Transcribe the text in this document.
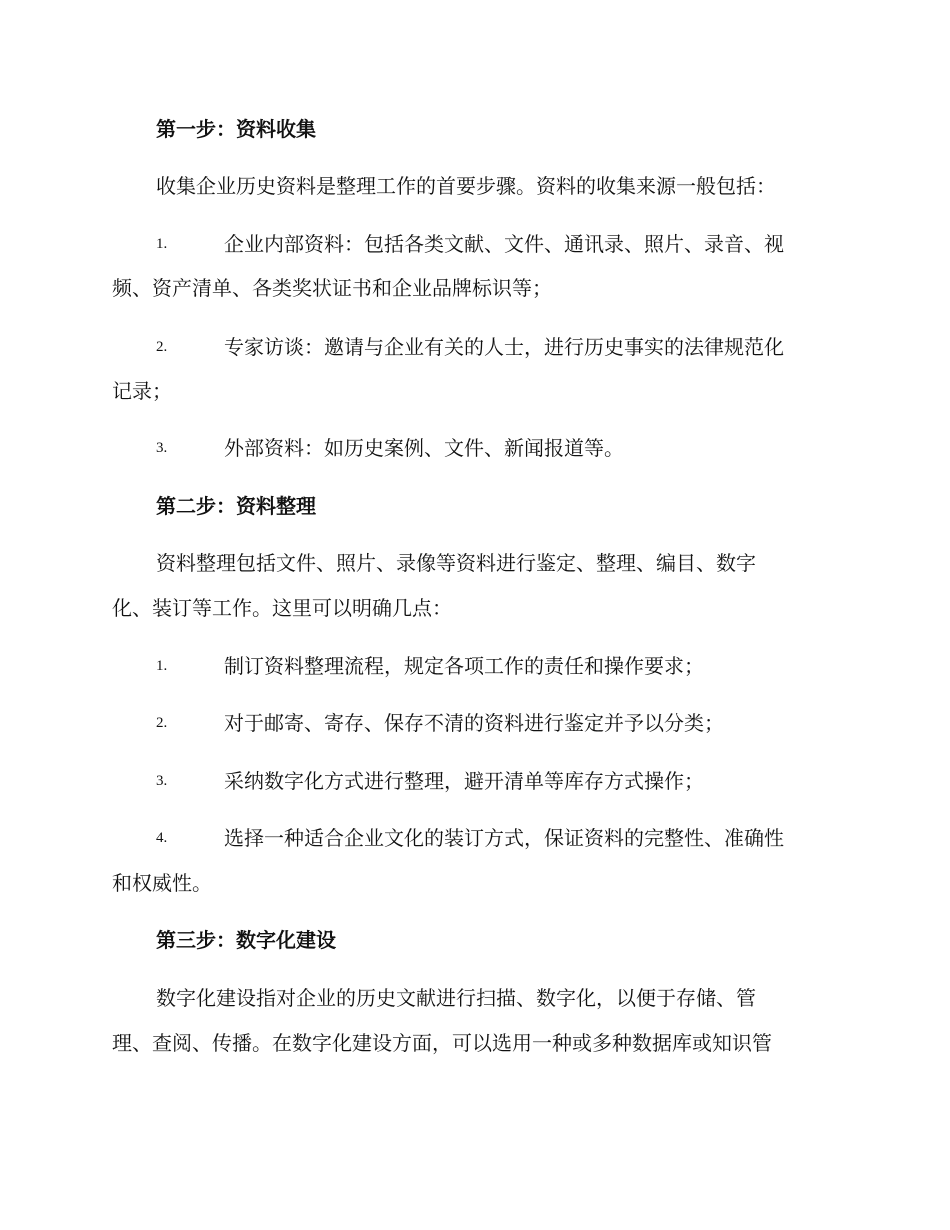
第一步：资料收集
收集企业历史资料是整理工作的首要步骤。资料的收集来源一般包括：
1.	企业内部资料：包括各类文献、文件、通讯录、照片、录音、视
频、资产清单、各类奖状证书和企业品牌标识等；
2.	专家访谈：邀请与企业有关的人士，进行历史事实的法律规范化
记录；
3.	外部资料：如历史案例、文件、新闻报道等。
第二步：资料整理
资料整理包括文件、照片、录像等资料进行鉴定、整理、编目、数字
化、装订等工作。这里可以明确几点：
1.	制订资料整理流程，规定各项工作的责任和操作要求；
2.	对于邮寄、寄存、保存不清的资料进行鉴定并予以分类；
3.	采纳数字化方式进行整理，避开清单等库存方式操作；
4.	选择一种适合企业文化的装订方式，保证资料的完整性、准确性
和权威性。
第三步：数字化建设
数字化建设指对企业的历史文献进行扫描、数字化，以便于存储、管
理、查阅、传播。在数字化建设方面，可以选用一种或多种数据库或知识管
